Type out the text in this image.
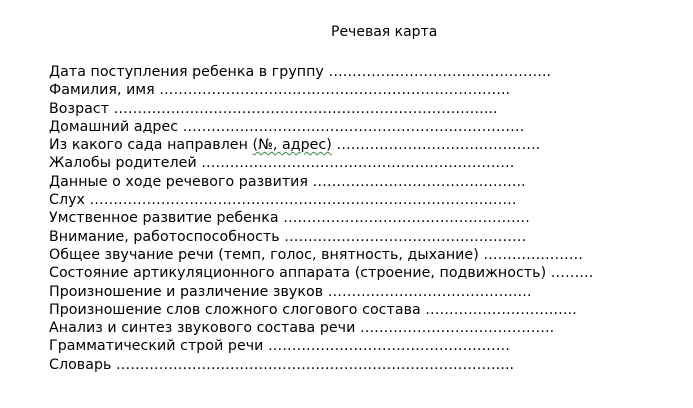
Речевая карта
Дата поступления ребенка в группу ………………………………………..
Фамилия, имя ………………………………………………………………..
Возраст ……………………………………………………………………...
Домашний адрес ………………………………………………………………
Из какого сада направлен (№, адрес) …………………………………….
Жалобы родителей …………………………………………………………
Данные о ходе речевого развития ……………………………………...
Слух ………………………………………………………………………………
Умственное развитие ребенка …………………………………………….
Внимание, работоспособность ……………………………………………
Общее звучание речи (темп, голос, внятность, дыхание) …………………
Состояние артикуляционного аппарата (строение, подвижность) ………
Произношение и различение звуков …………………………………….
Произношение слов сложного слогового состава …………………………..
Анализ и синтез звукового состава речи …………………………………..
Грамматический строй речи ……………………………………………
Словарь ………………………………………………………………………...
